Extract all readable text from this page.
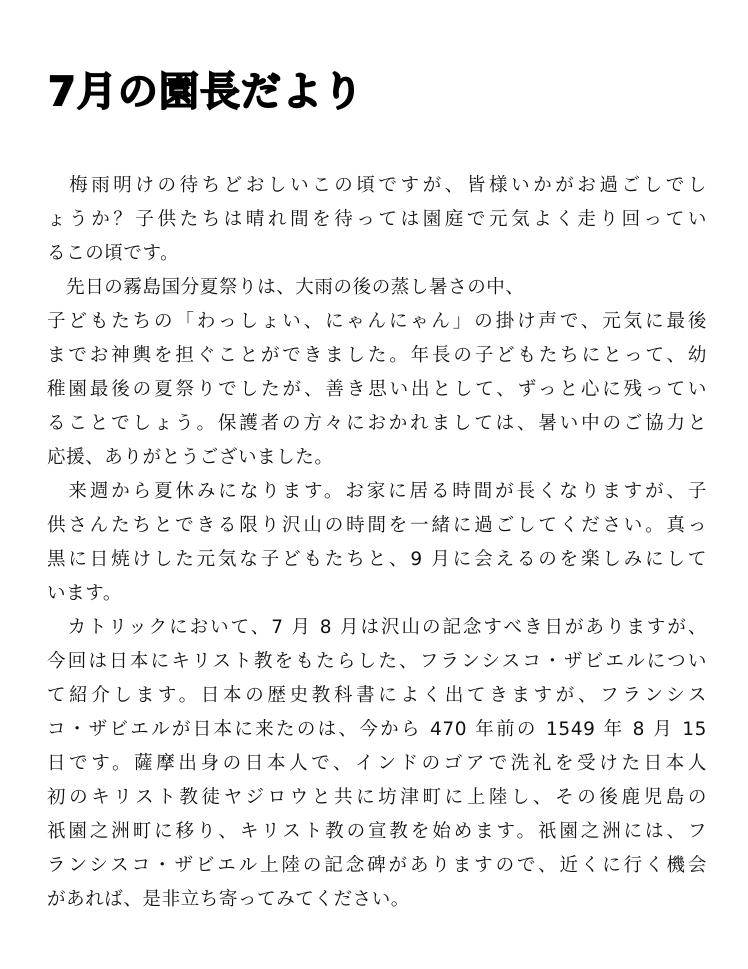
7月の園長だより
　梅雨明けの待ちどおしいこの頃ですが、皆様いかがお過ごしでし
ょうか？子供たちは晴れ間を待っては園庭で元気よく走り回ってい
るこの頃です。
　先日の霧島国分夏祭りは、大雨の後の蒸し暑さの中、
子どもたちの「わっしょい、にゃんにゃん」の掛け声で、元気に最後
までお神輿を担ぐことができました。年長の子どもたちにとって、幼
稚園最後の夏祭りでしたが、善き思い出として、ずっと心に残ってい
ることでしょう。保護者の方々におかれましては、暑い中のご協力と
応援、ありがとうございました。
　来週から夏休みになります。お家に居る時間が長くなりますが、子
供さんたちとできる限り沢山の時間を一緒に過ごしてください。真っ
黒に日焼けした元気な子どもたちと、9 月に会えるのを楽しみにして
います。
　カトリックにおいて、7 月 8 月は沢山の記念すべき日がありますが、
今回は日本にキリスト教をもたらした、フランシスコ・ザビエルについ
て紹介します。日本の歴史教科書によく出てきますが、フランシス
コ・ザビエルが日本に来たのは、今から 470 年前の 1549 年 8 月 15
日です。薩摩出身の日本人で、インドのゴアで洗礼を受けた日本人
初のキリスト教徒ヤジロウと共に坊津町に上陸し、その後鹿児島の
祇園之洲町に移り、キリスト教の宣教を始めます。祇園之洲には、フ
ランシスコ・ザビエル上陸の記念碑がありますので、近くに行く機会
があれば、是非立ち寄ってみてください。
